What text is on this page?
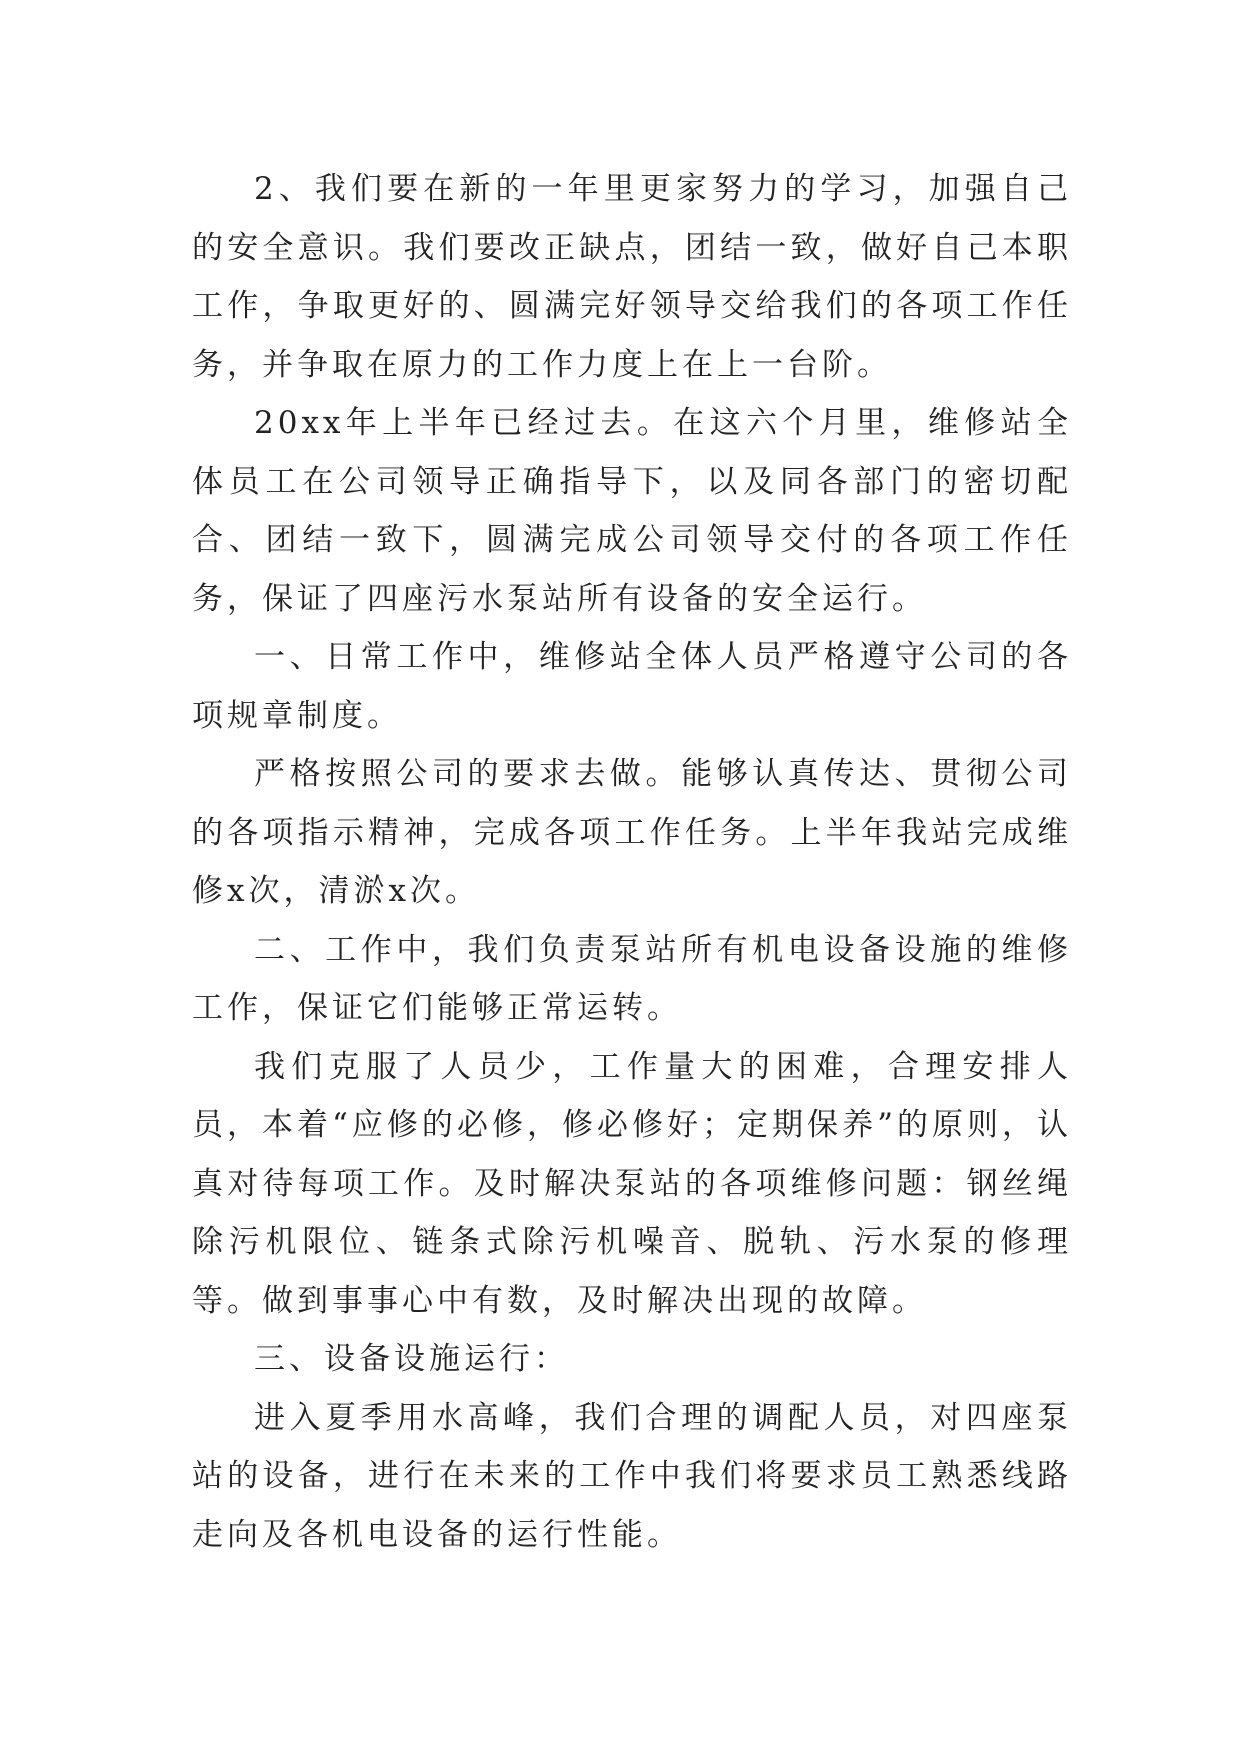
2、我们要在新的一年里更家努力的学习，加强自己的安全意识。我们要改正缺点，团结一致，做好自己本职工作，争取更好的、圆满完好领导交给我们的各项工作任务，并争取在原力的工作力度上在上一台阶。

20xx年上半年已经过去。在这六个月里，维修站全体员工在公司领导正确指导下，以及同各部门的密切配合、团结一致下，圆满完成公司领导交付的各项工作任务，保证了四座污水泵站所有设备的安全运行。

一、日常工作中，维修站全体人员严格遵守公司的各项规章制度。

严格按照公司的要求去做。能够认真传达、贯彻公司的各项指示精神，完成各项工作任务。上半年我站完成维修x次，清淤x次。

二、工作中，我们负责泵站所有机电设备设施的维修工作，保证它们能够正常运转。

我们克服了人员少，工作量大的困难，合理安排人员，本着“应修的必修，修必修好；定期保养”的原则，认真对待每项工作。及时解决泵站的各项维修问题：钢丝绳除污机限位、链条式除污机噪音、脱轨、污水泵的修理等。做到事事心中有数，及时解决出现的故障。

三、设备设施运行：

进入夏季用水高峰，我们合理的调配人员，对四座泵站的设备，进行在未来的工作中我们将要求员工熟悉线路走向及各机电设备的运行性能。
